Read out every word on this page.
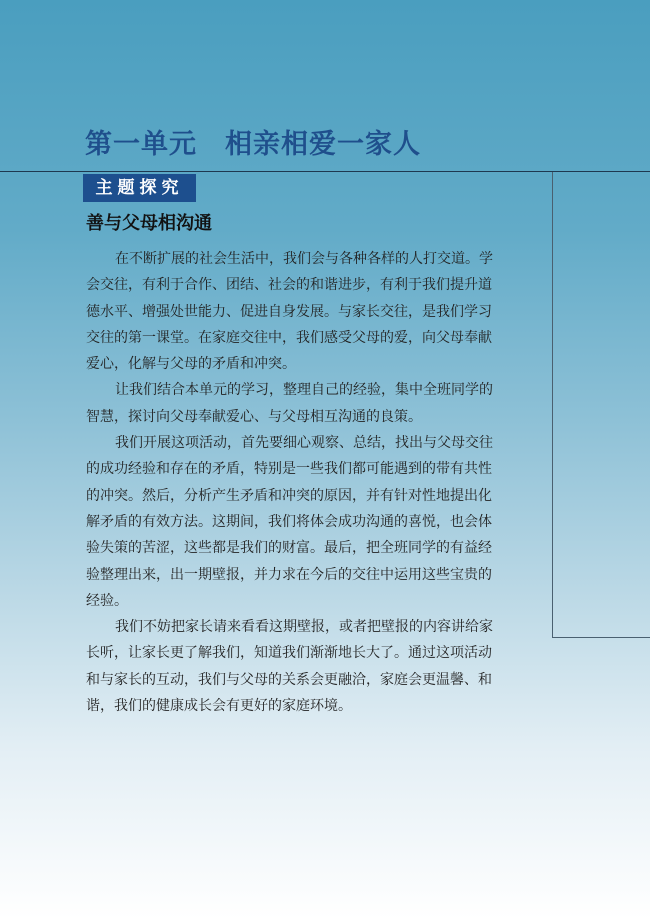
第一单元　相亲相爱一家人
主题探究
善与父母相沟通
在不断扩展的社会生活中，我们会与各种各样的人打交道。学
会交往，有利于合作、团结、社会的和谐进步，有利于我们提升道
德水平、增强处世能力、促进自身发展。与家长交往，是我们学习
交往的第一课堂。在家庭交往中，我们感受父母的爱，向父母奉献
爱心，化解与父母的矛盾和冲突。
让我们结合本单元的学习，整理自己的经验，集中全班同学的
智慧，探讨向父母奉献爱心、与父母相互沟通的良策。
我们开展这项活动，首先要细心观察、总结，找出与父母交往
的成功经验和存在的矛盾，特别是一些我们都可能遇到的带有共性
的冲突。然后，分析产生矛盾和冲突的原因，并有针对性地提出化
解矛盾的有效方法。这期间，我们将体会成功沟通的喜悦，也会体
验失策的苦涩，这些都是我们的财富。最后，把全班同学的有益经
验整理出来，出一期壁报，并力求在今后的交往中运用这些宝贵的
经验。
我们不妨把家长请来看看这期壁报，或者把壁报的内容讲给家
长听，让家长更了解我们，知道我们渐渐地长大了。通过这项活动
和与家长的互动，我们与父母的关系会更融洽，家庭会更温馨、和
谐，我们的健康成长会有更好的家庭环境。
